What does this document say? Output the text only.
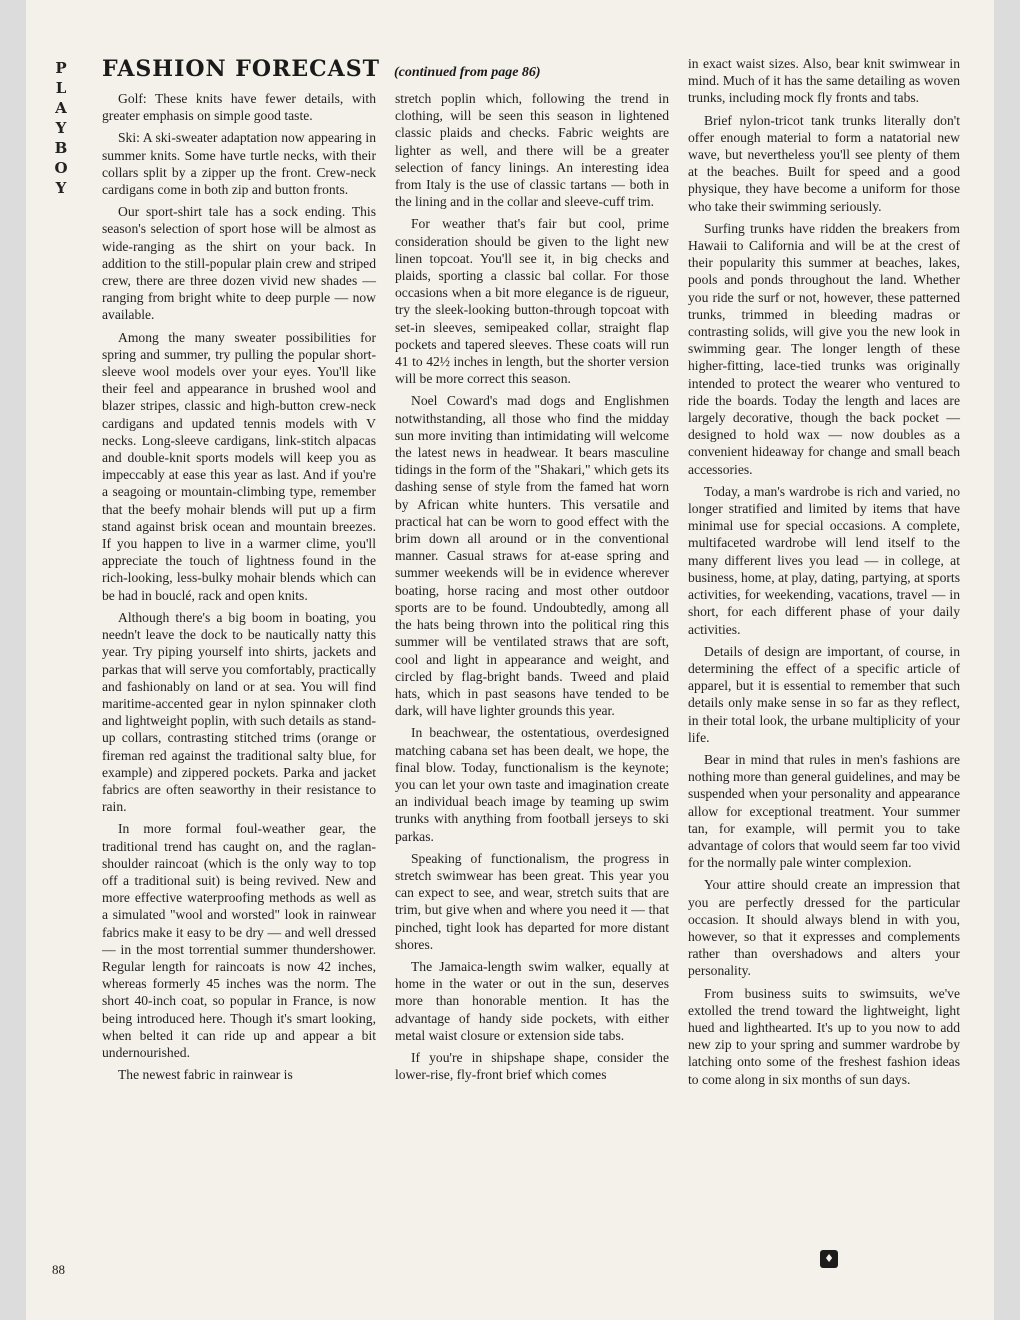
P
L
A
Y
B
O
Y
FASHION FORECAST (continued from page 86)

Golf: These knits have fewer details, with greater emphasis on simple good taste.

Ski: A ski-sweater adaptation now appearing in summer knits. Some have turtle necks, with their collars split by a zipper up the front. Crew-neck cardigans come in both zip and button fronts.

Our sport-shirt tale has a sock ending. This season's selection of sport hose will be almost as wide-ranging as the shirt on your back. In addition to the still-popular plain crew and striped crew, there are three dozen vivid new shades — ranging from bright white to deep purple — now available.

Among the many sweater possibilities for spring and summer, try pulling the popular short-sleeve wool models over your eyes. You'll like their feel and appearance in brushed wool and blazer stripes, classic and high-button crew-neck cardigans and updated tennis models with V necks. Long-sleeve cardigans, link-stitch alpacas and double-knit sports models will keep you as impeccably at ease this year as last. And if you're a seagoing or mountain-climbing type, remember that the beefy mohair blends will put up a firm stand against brisk ocean and mountain breezes. If you happen to live in a warmer clime, you'll appreciate the touch of lightness found in the rich-looking, less-bulky mohair blends which can be had in bouclé, rack and open knits.

Although there's a big boom in boating, you needn't leave the dock to be nautically natty this year. Try piping yourself into shirts, jackets and parkas that will serve you comfortably, practically and fashionably on land or at sea. You will find maritime-accented gear in nylon spinnaker cloth and lightweight poplin, with such details as stand-up collars, contrasting stitched trims (orange or fireman red against the traditional salty blue, for example) and zippered pockets. Parka and jacket fabrics are often seaworthy in their resistance to rain.

In more formal foul-weather gear, the traditional trend has caught on, and the raglan-shoulder raincoat (which is the only way to top off a traditional suit) is being revived. New and more effective waterproofing methods as well as a simulated "wool and worsted" look in rainwear fabrics make it easy to be dry — and well dressed — in the most torrential summer thundershower. Regular length for raincoats is now 42 inches, whereas formerly 45 inches was the norm. The short 40-inch coat, so popular in France, is now being introduced here. Though it's smart looking, when belted it can ride up and appear a bit undernourished.

The newest fabric in rainwear is

stretch poplin which, following the trend in clothing, will be seen this season in lightened classic plaids and checks. Fabric weights are lighter as well, and there will be a greater selection of fancy linings. An interesting idea from Italy is the use of classic tartans — both in the lining and in the collar and sleeve-cuff trim.

For weather that's fair but cool, prime consideration should be given to the light new linen topcoat. You'll see it, in big checks and plaids, sporting a classic bal collar. For those occasions when a bit more elegance is de rigueur, try the sleek-looking button-through topcoat with set-in sleeves, semipeaked collar, straight flap pockets and tapered sleeves. These coats will run 41 to 42½ inches in length, but the shorter version will be more correct this season.

Noel Coward's mad dogs and Englishmen notwithstanding, all those who find the midday sun more inviting than intimidating will welcome the latest news in headwear. It bears masculine tidings in the form of the "Shakari," which gets its dashing sense of style from the famed hat worn by African white hunters. This versatile and practical hat can be worn to good effect with the brim down all around or in the conventional manner. Casual straws for at-ease spring and summer weekends will be in evidence wherever boating, horse racing and most other outdoor sports are to be found. Undoubtedly, among all the hats being thrown into the political ring this summer will be ventilated straws that are soft, cool and light in appearance and weight, and circled by flag-bright bands. Tweed and plaid hats, which in past seasons have tended to be dark, will have lighter grounds this year.

In beachwear, the ostentatious, overdesigned matching cabana set has been dealt, we hope, the final blow. Today, functionalism is the keynote; you can let your own taste and imagination create an individual beach image by teaming up swim trunks with anything from football jerseys to ski parkas.

Speaking of functionalism, the progress in stretch swimwear has been great. This year you can expect to see, and wear, stretch suits that are trim, but give when and where you need it — that pinched, tight look has departed for more distant shores.

The Jamaica-length swim walker, equally at home in the water or out in the sun, deserves more than honorable mention. It has the advantage of handy side pockets, with either metal waist closure or extension side tabs.

If you're in shipshape shape, consider the lower-rise, fly-front brief which comes

in exact waist sizes. Also, bear knit swimwear in mind. Much of it has the same detailing as woven trunks, including mock fly fronts and tabs.

Brief nylon-tricot tank trunks literally don't offer enough material to form a natatorial new wave, but nevertheless you'll see plenty of them at the beaches. Built for speed and a good physique, they have become a uniform for those who take their swimming seriously.

Surfing trunks have ridden the breakers from Hawaii to California and will be at the crest of their popularity this summer at beaches, lakes, pools and ponds throughout the land. Whether you ride the surf or not, however, these patterned trunks, trimmed in bleeding madras or contrasting solids, will give you the new look in swimming gear. The longer length of these higher-fitting, lace-tied trunks was originally intended to protect the wearer who ventured to ride the boards. Today the length and laces are largely decorative, though the back pocket — designed to hold wax — now doubles as a convenient hideaway for change and small beach accessories.

Today, a man's wardrobe is rich and varied, no longer stratified and limited by items that have minimal use for special occasions. A complete, multifaceted wardrobe will lend itself to the many different lives you lead — in college, at business, home, at play, dating, partying, at sports activities, for weekending, vacations, travel — in short, for each different phase of your daily activities.

Details of design are important, of course, in determining the effect of a specific article of apparel, but it is essential to remember that such details only make sense in so far as they reflect, in their total look, the urbane multiplicity of your life.

Bear in mind that rules in men's fashions are nothing more than general guidelines, and may be suspended when your personality and appearance allow for exceptional treatment. Your summer tan, for example, will permit you to take advantage of colors that would seem far too vivid for the normally pale winter complexion.

Your attire should create an impression that you are perfectly dressed for the particular occasion. It should always blend in with you, however, so that it expresses and complements rather than overshadows and alters your personality.

From business suits to swimsuits, we've extolled the trend toward the lightweight, light hued and lighthearted. It's up to you now to add new zip to your spring and summer wardrobe by latching onto some of the freshest fashion ideas to come along in six months of sun days.

88
♦
